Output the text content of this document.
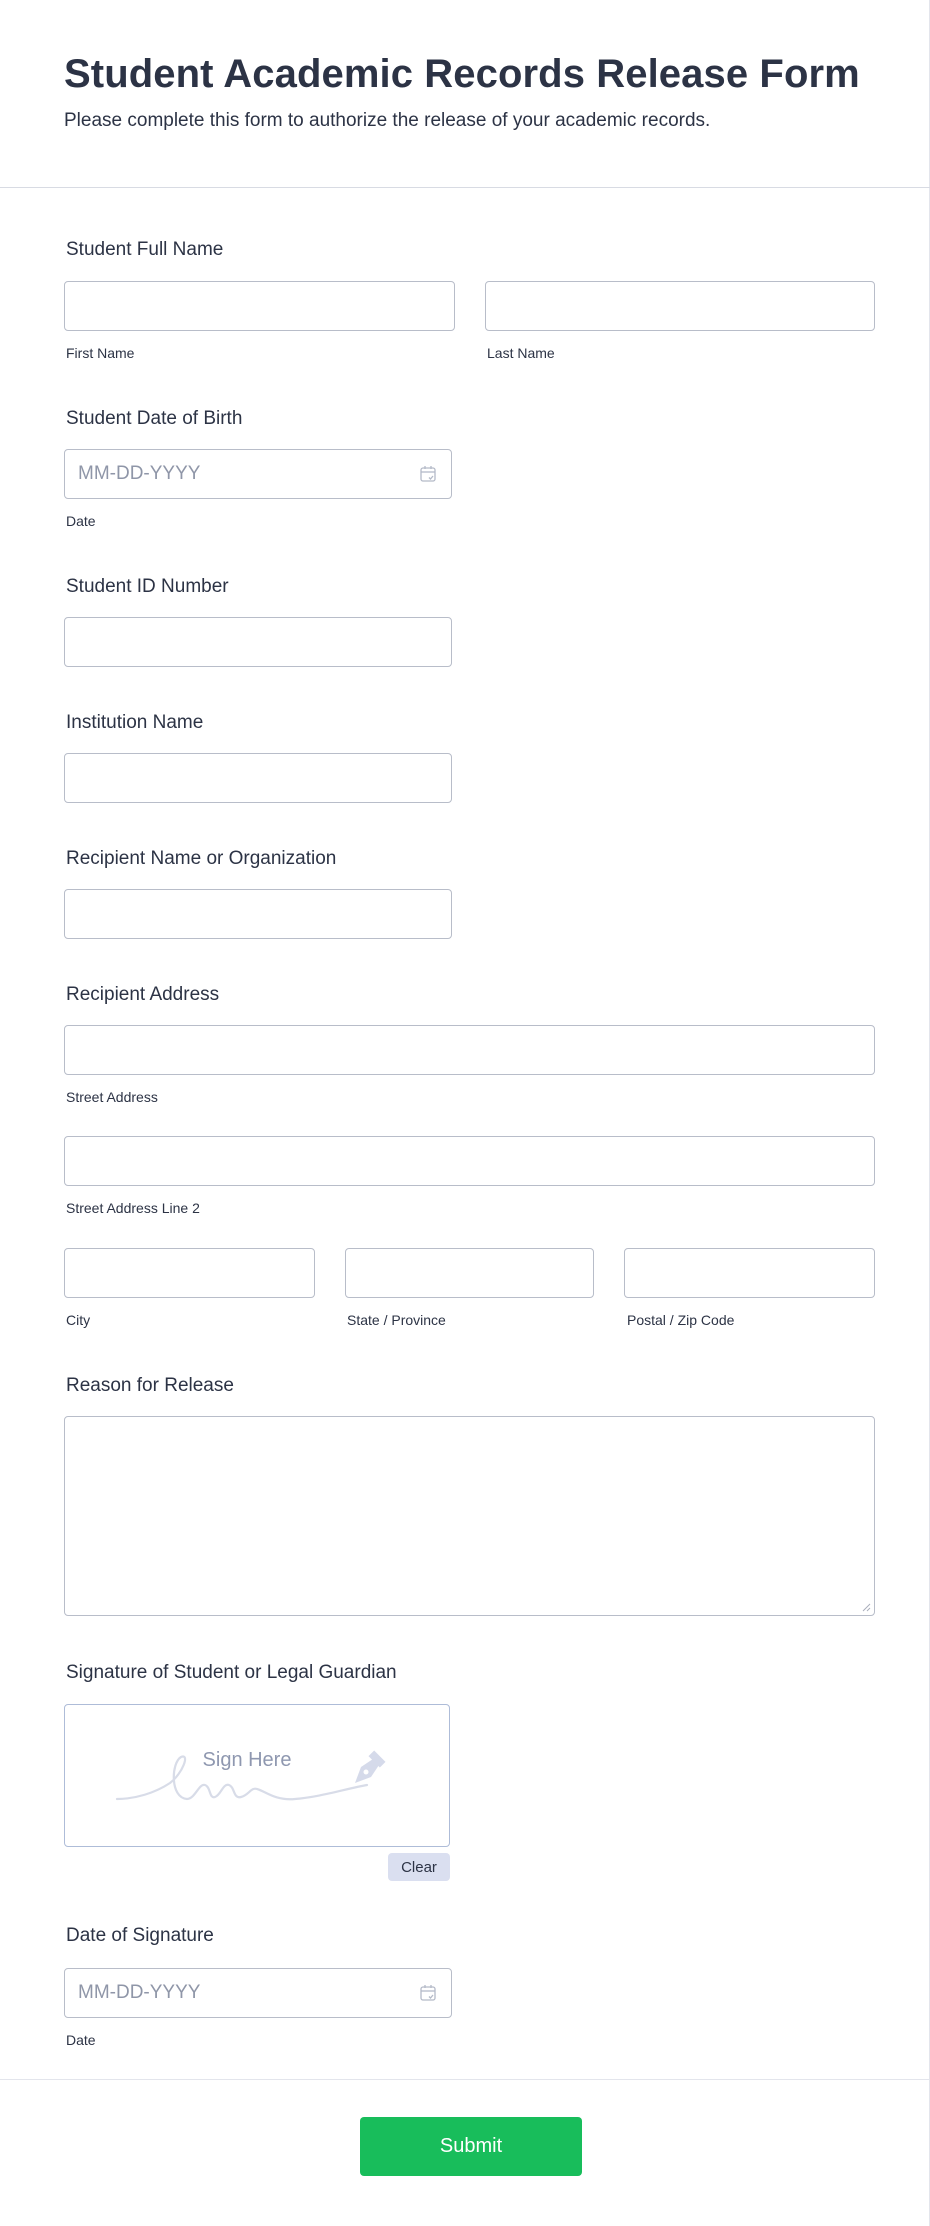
Student Academic Records Release Form

Please complete this form to authorize the release of your academic records.

Student Full Name
First Name	Last Name
Student Date of Birth
MM-DD-YYYY
Date
Student ID Number
Institution Name
Recipient Name or Organization
Recipient Address
Street Address
Street Address Line 2
City	State / Province	Postal / Zip Code
Reason for Release
Signature of Student or Legal Guardian
Sign Here
Clear
Date of Signature
MM-DD-YYYY
Date
Submit
